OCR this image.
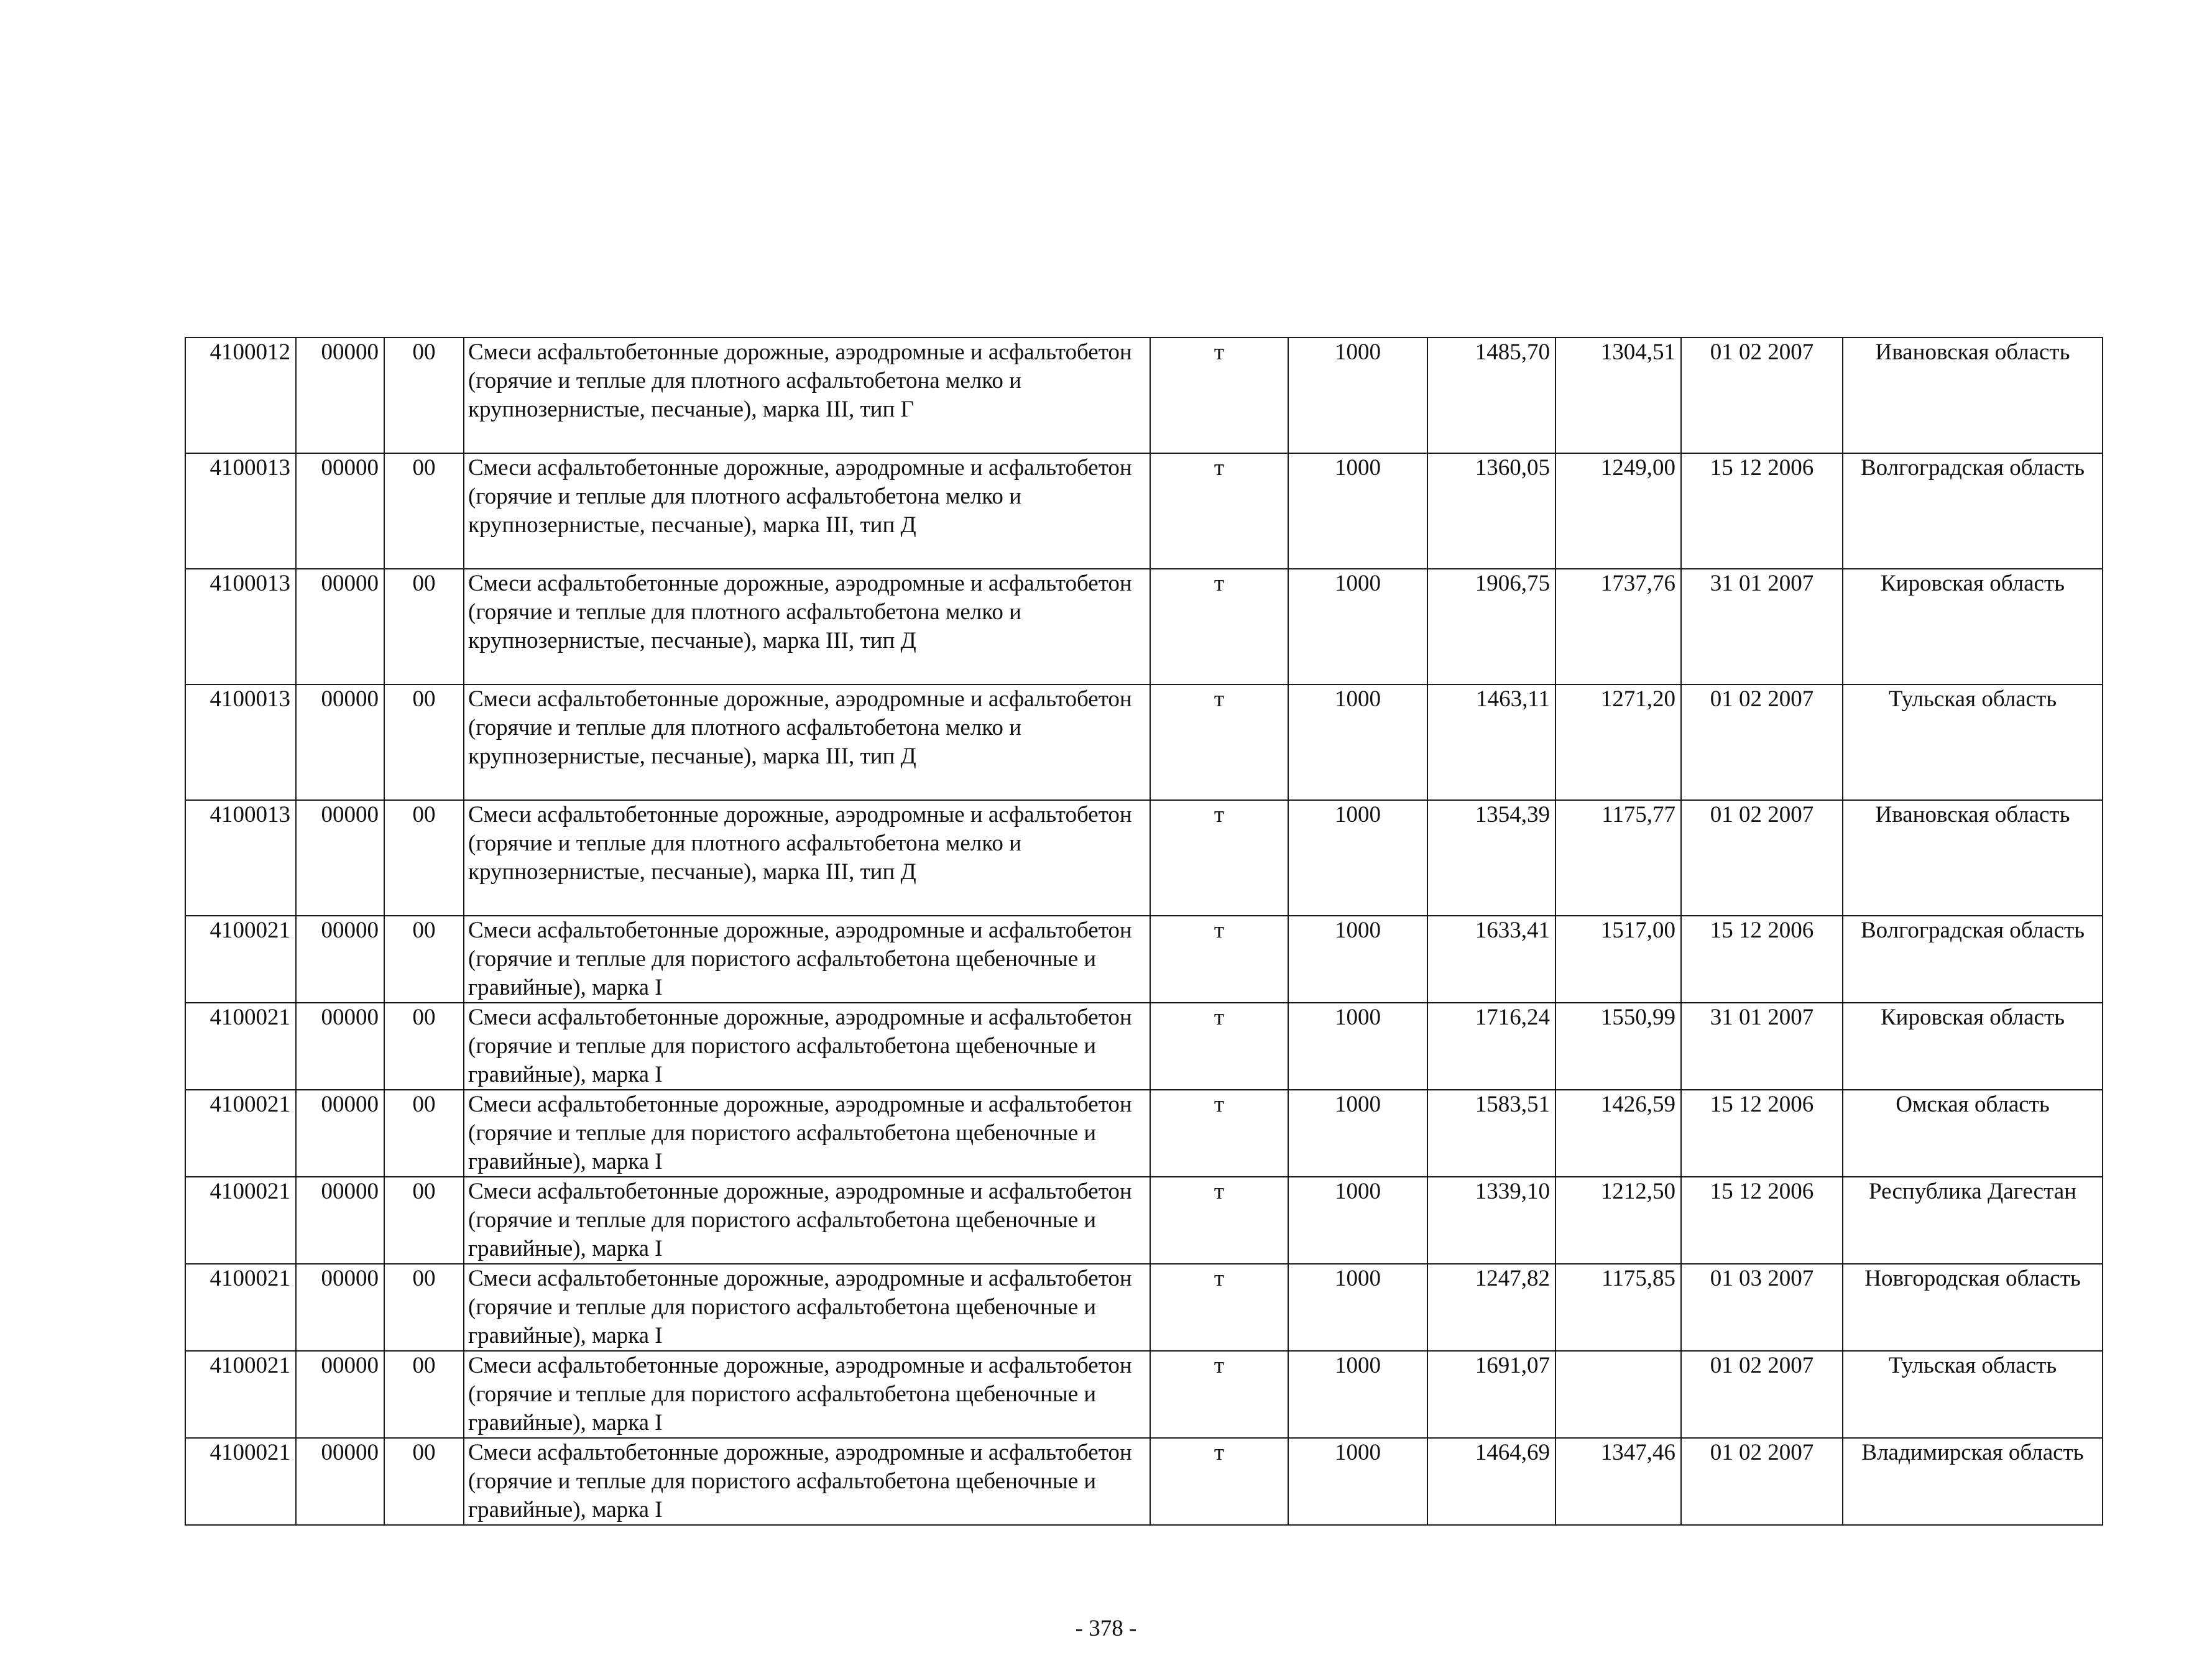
4100012	00000	00	Смеси асфальтобетонные дорожные, аэродромные и асфальтобетон (горячие и теплые для плотного асфальтобетона мелко и крупнозернистые, песчаные), марка III, тип Г	т	1000	1485,70	1304,51	01 02 2007	Ивановская область
4100013	00000	00	Смеси асфальтобетонные дорожные, аэродромные и асфальтобетон (горячие и теплые для плотного асфальтобетона мелко и крупнозернистые, песчаные), марка III, тип Д	т	1000	1360,05	1249,00	15 12 2006	Волгоградская область
4100013	00000	00	Смеси асфальтобетонные дорожные, аэродромные и асфальтобетон (горячие и теплые для плотного асфальтобетона мелко и крупнозернистые, песчаные), марка III, тип Д	т	1000	1906,75	1737,76	31 01 2007	Кировская область
4100013	00000	00	Смеси асфальтобетонные дорожные, аэродромные и асфальтобетон (горячие и теплые для плотного асфальтобетона мелко и крупнозернистые, песчаные), марка III, тип Д	т	1000	1463,11	1271,20	01 02 2007	Тульская область
4100013	00000	00	Смеси асфальтобетонные дорожные, аэродромные и асфальтобетон (горячие и теплые для плотного асфальтобетона мелко и крупнозернистые, песчаные), марка III, тип Д	т	1000	1354,39	1175,77	01 02 2007	Ивановская область
4100021	00000	00	Смеси асфальтобетонные дорожные, аэродромные и асфальтобетон (горячие и теплые для пористого асфальтобетона щебеночные и гравийные), марка I	т	1000	1633,41	1517,00	15 12 2006	Волгоградская область
4100021	00000	00	Смеси асфальтобетонные дорожные, аэродромные и асфальтобетон (горячие и теплые для пористого асфальтобетона щебеночные и гравийные), марка I	т	1000	1716,24	1550,99	31 01 2007	Кировская область
4100021	00000	00	Смеси асфальтобетонные дорожные, аэродромные и асфальтобетон (горячие и теплые для пористого асфальтобетона щебеночные и гравийные), марка I	т	1000	1583,51	1426,59	15 12 2006	Омская область
4100021	00000	00	Смеси асфальтобетонные дорожные, аэродромные и асфальтобетон (горячие и теплые для пористого асфальтобетона щебеночные и гравийные), марка I	т	1000	1339,10	1212,50	15 12 2006	Республика Дагестан
4100021	00000	00	Смеси асфальтобетонные дорожные, аэродромные и асфальтобетон (горячие и теплые для пористого асфальтобетона щебеночные и гравийные), марка I	т	1000	1247,82	1175,85	01 03 2007	Новгородская область
4100021	00000	00	Смеси асфальтобетонные дорожные, аэродромные и асфальтобетон (горячие и теплые для пористого асфальтобетона щебеночные и гравийные), марка I	т	1000	1691,07		01 02 2007	Тульская область
4100021	00000	00	Смеси асфальтобетонные дорожные, аэродромные и асфальтобетон (горячие и теплые для пористого асфальтобетона щебеночные и гравийные), марка I	т	1000	1464,69	1347,46	01 02 2007	Владимирская область
- 378 -
